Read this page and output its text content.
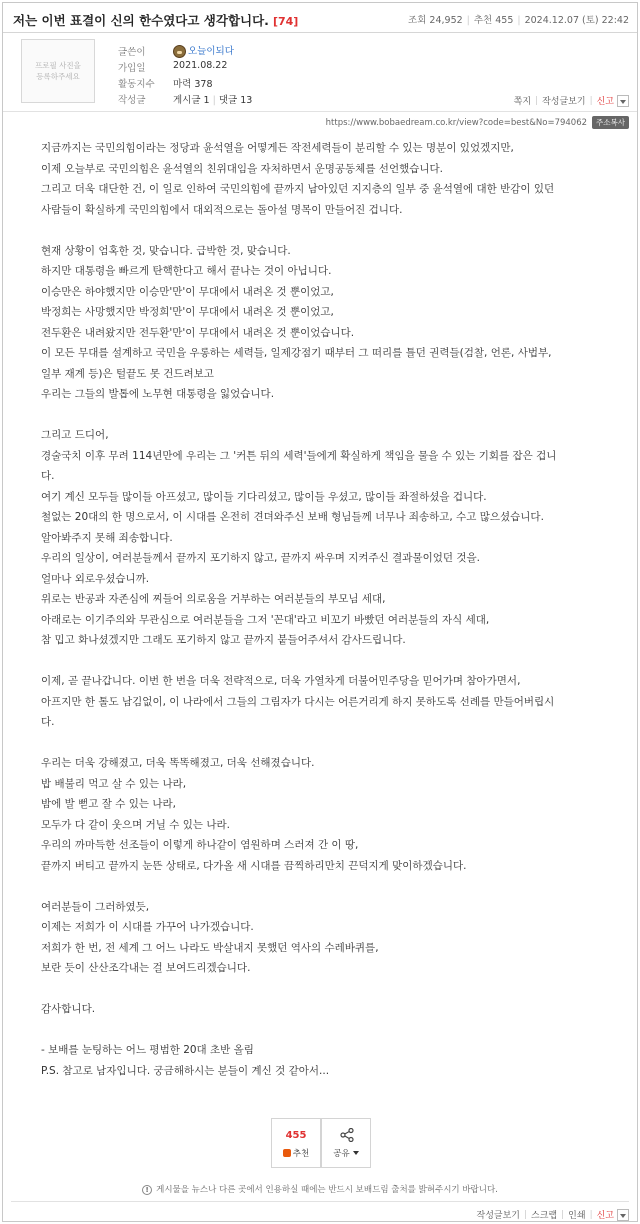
저는 이번 표결이 신의 한수였다고 생각합니다. [74]	조회 24,952 | 추천 455 | 2024.12.07 (토) 22:42
프로필 사진을
등록하주세요
글쓴이	오늘이되다
가입일	2021.08.22
활동지수 마력 378
작성글	게시글 1 | 댓글 13	쪽지 | 작성글보기 | 신고
https://www.bobaedream.co.kr/view?code=best&No=794062	주소복사

지금까지는 국민의힘이라는 정당과 윤석열을 어떻게든 작전세력들이 분리할 수 있는 명분이 있었겠지만,

이제 오늘부로 국민의힘은 윤석열의 친위대임을 자처하면서 운명공동체를 선언했습니다.

그리고 더욱 대단한 건, 이 일로 인하여 국민의힘에 끝까지 남아있던 지지층의 일부 중 윤석열에 대한 반감이 있던

사람들이 확실하게 국민의힘에서 대외적으로는 돌아설 명목이 만들어진 겁니다.

현재 상황이 엄혹한 것, 맞습니다. 급박한 것, 맞습니다.

하지만 대통령을 빠르게 탄핵한다고 해서 끝나는 것이 아닙니다.

이승만은 하야했지만 이승만'만'이 무대에서 내려온 것 뿐이었고,

박정희는 사망했지만 박정희'만'이 무대에서 내려온 것 뿐이었고,

전두환은 내려왔지만 전두환'만'이 무대에서 내려온 것 뿐이었습니다.

이 모든 무대를 설계하고 국민을 우롱하는 세력들, 일제강점기 때부터 그 떠리를 틀던 권력들(검찰, 언론, 사법부,

일부 재계 등)은 털끝도 못 건드려보고

우리는 그들의 발톱에 노무현 대통령을 잃었습니다.

그리고 드디어,

경술국치 이후 무려 114년만에 우리는 그 '커튼 뒤의 세력'들에게 확실하게 책임을 물을 수 있는 기회를 잡은 겁니

다.

여기 계신 모두들 많이들 아프셨고, 많이들 기다리셨고, 많이들 우셨고, 많이들 좌절하셨을 겁니다.

철없는 20대의 한 명으로서, 이 시대를 온전히 견뎌와주신 보배 형님들께 너무나 죄송하고, 수고 많으셨습니다.

알아봐주지 못해 죄송합니다.

우리의 일상이, 여러분들께서 끝까지 포기하지 않고, 끝까지 싸우며 지켜주신 결과물이었던 것을.

얼마나 외로우셨습니까.

위로는 반공과 자존심에 찌들어 의로움을 거부하는 여러분들의 부모님 세대,

아래로는 이기주의와 무관심으로 여러분들을 그저 '꼰대'라고 비꼬기 바빴던 여러분들의 자식 세대,

참 밉고 화나셨겠지만 그래도 포기하지 않고 끝까지 붙들어주셔서 감사드립니다.

이제, 곧 끝나갑니다. 이번 한 번을 더욱 전략적으로, 더욱 가열차게 더불어민주당을 믿어가며 참아가면서,

아프지만 한 톨도 남김없이, 이 나라에서 그들의 그림자가 다시는 어른거리게 하지 못하도록 선례를 만들어버립시

다.

우리는 더욱 강해졌고, 더욱 똑똑해졌고, 더욱 선해졌습니다.

밥 배불리 먹고 살 수 있는 나라,

밤에 발 뻗고 잘 수 있는 나라,

모두가 다 같이 웃으며 거닐 수 있는 나라.

우리의 까마득한 선조들이 이렇게 하나같이 염원하며 스러져 간 이 땅,

끝까지 버티고 끝까지 눈뜬 상태로, 다가올 새 시대를 끔찍하리만치 끈덕지게 맞이하겠습니다.

여러분들이 그러하였듯,

이제는 저희가 이 시대를 가꾸어 나가겠습니다.

저희가 한 번, 전 세계 그 어느 나라도 박살내지 못했던 역사의 수레바퀴를,

보란 듯이 산산조각내는 걸 보여드리겠습니다.

감사합니다.

- 보배를 눈팅하는 어느 평범한 20대 초반 올림

P.S. 참고로 남자입니다. 궁금해하시는 분들이 계신 것 같아서...

455
추천	공유
! 게시물을 뉴스나 다른 곳에서 인용하실 때에는 반드시 보배드림 출처를 밝혀주시기 바랍니다.
작성글보기 | 스크랩 | 인쇄 | 신고
